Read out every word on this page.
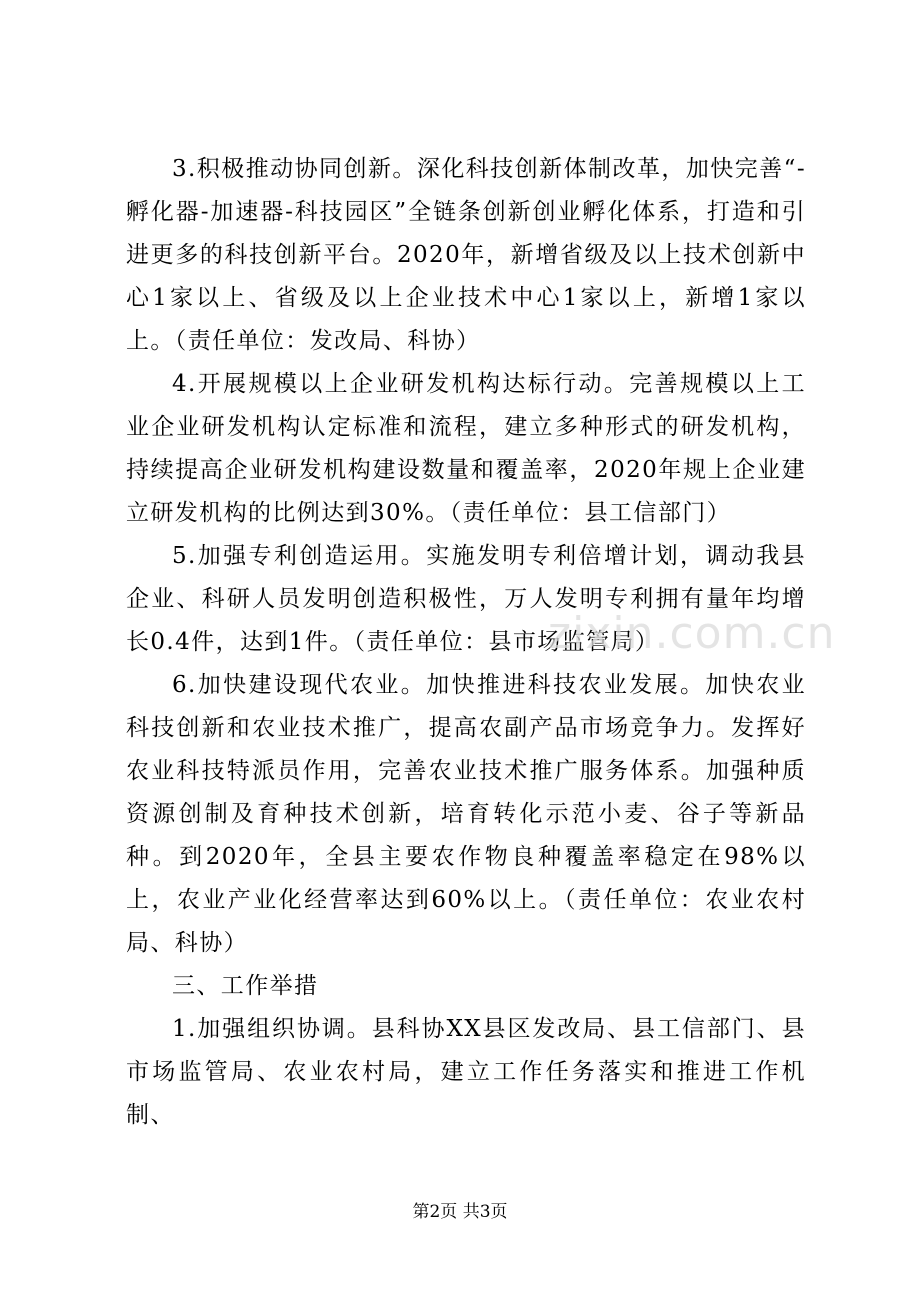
3.积极推动协同创新。深化科技创新体制改革，加快完善“-孵化器-加速器-科技园区”全链条创新创业孵化体系，打造和引进更多的科技创新平台。2020年，新增省级及以上技术创新中心1家以上、省级及以上企业技术中心1家以上，新增1家以上。（责任单位：发改局、科协）

4.开展规模以上企业研发机构达标行动。完善规模以上工业企业研发机构认定标准和流程，建立多种形式的研发机构，持续提高企业研发机构建设数量和覆盖率，2020年规上企业建立研发机构的比例达到30%。（责任单位：县工信部门）

5.加强专利创造运用。实施发明专利倍增计划，调动我县企业、科研人员发明创造积极性，万人发明专利拥有量年均增长0.4件，达到1件。（责任单位：县市场监管局）

6.加快建设现代农业。加快推进科技农业发展。加快农业科技创新和农业技术推广，提高农副产品市场竞争力。发挥好农业科技特派员作用，完善农业技术推广服务体系。加强种质资源创制及育种技术创新，培育转化示范小麦、谷子等新品种。到2020年，全县主要农作物良种覆盖率稳定在98%以上，农业产业化经营率达到60%以上。（责任单位：农业农村局、科协）

三、工作举措

1.加强组织协调。县科协XX县区发改局、县工信部门、县市场监管局、农业农村局，建立工作任务落实和推进工作机制、

zixin.com.cn
第2页 共3页
